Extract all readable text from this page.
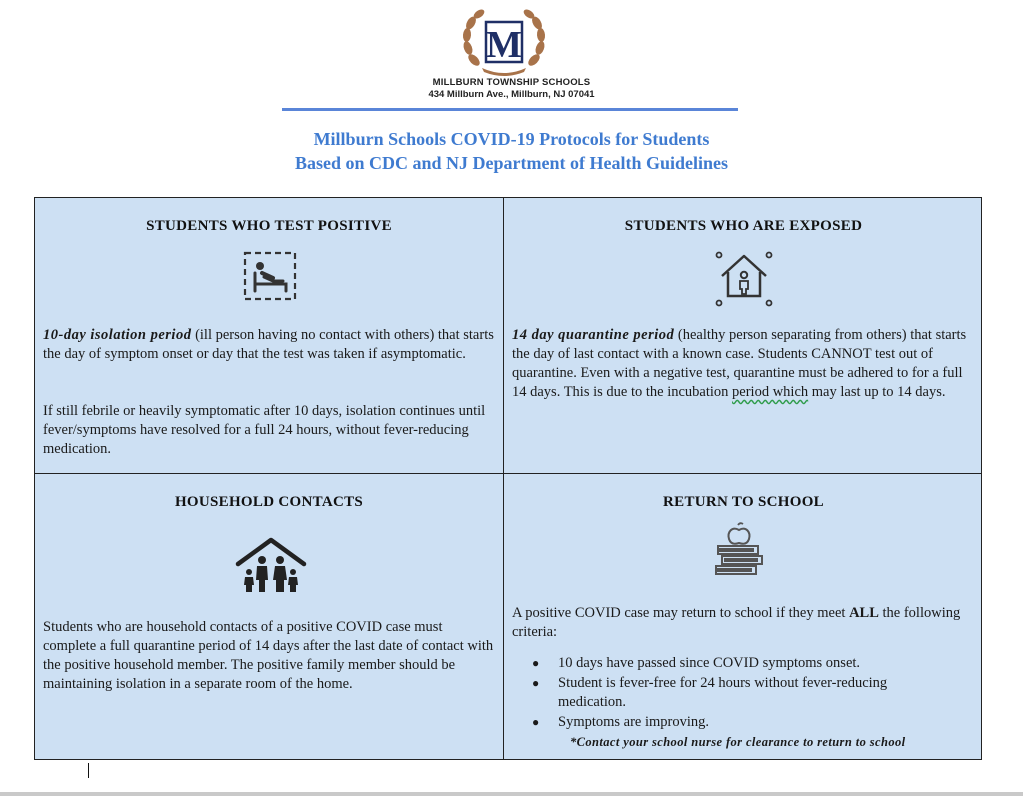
M
MILLBURN TOWNSHIP SCHOOLS
434 Millburn Ave., Millburn, NJ 07041
Millburn Schools COVID-19 Protocols for Students
Based on CDC and NJ Department of Health Guidelines
STUDENTS WHO TEST POSITIVE
10-day isolation period (ill person having no contact with others) that starts the day of symptom onset or day that the test was taken if asymptomatic.
If still febrile or heavily symptomatic after 10 days, isolation continues until fever/symptoms have resolved for a full 24 hours, without fever-reducing medication.
STUDENTS WHO ARE EXPOSED
14 day quarantine period (healthy person separating from others) that starts the day of last contact with a known case. Students CANNOT test out of quarantine. Even with a negative test, quarantine must be adhered to for a full 14 days. This is due to the incubation period which may last up to 14 days.
HOUSEHOLD CONTACTS
Students who are household contacts of a positive COVID case must complete a full quarantine period of 14 days after the last date of contact with the positive household member. The positive family member should be maintaining isolation in a separate room of the home.
RETURN TO SCHOOL
A positive COVID case may return to school if they meet ALL the following criteria:
● 10 days have passed since COVID symptoms onset.
● Student is fever-free for 24 hours without fever-reducing medication.
● Symptoms are improving.
*Contact your school nurse for clearance to return to school
